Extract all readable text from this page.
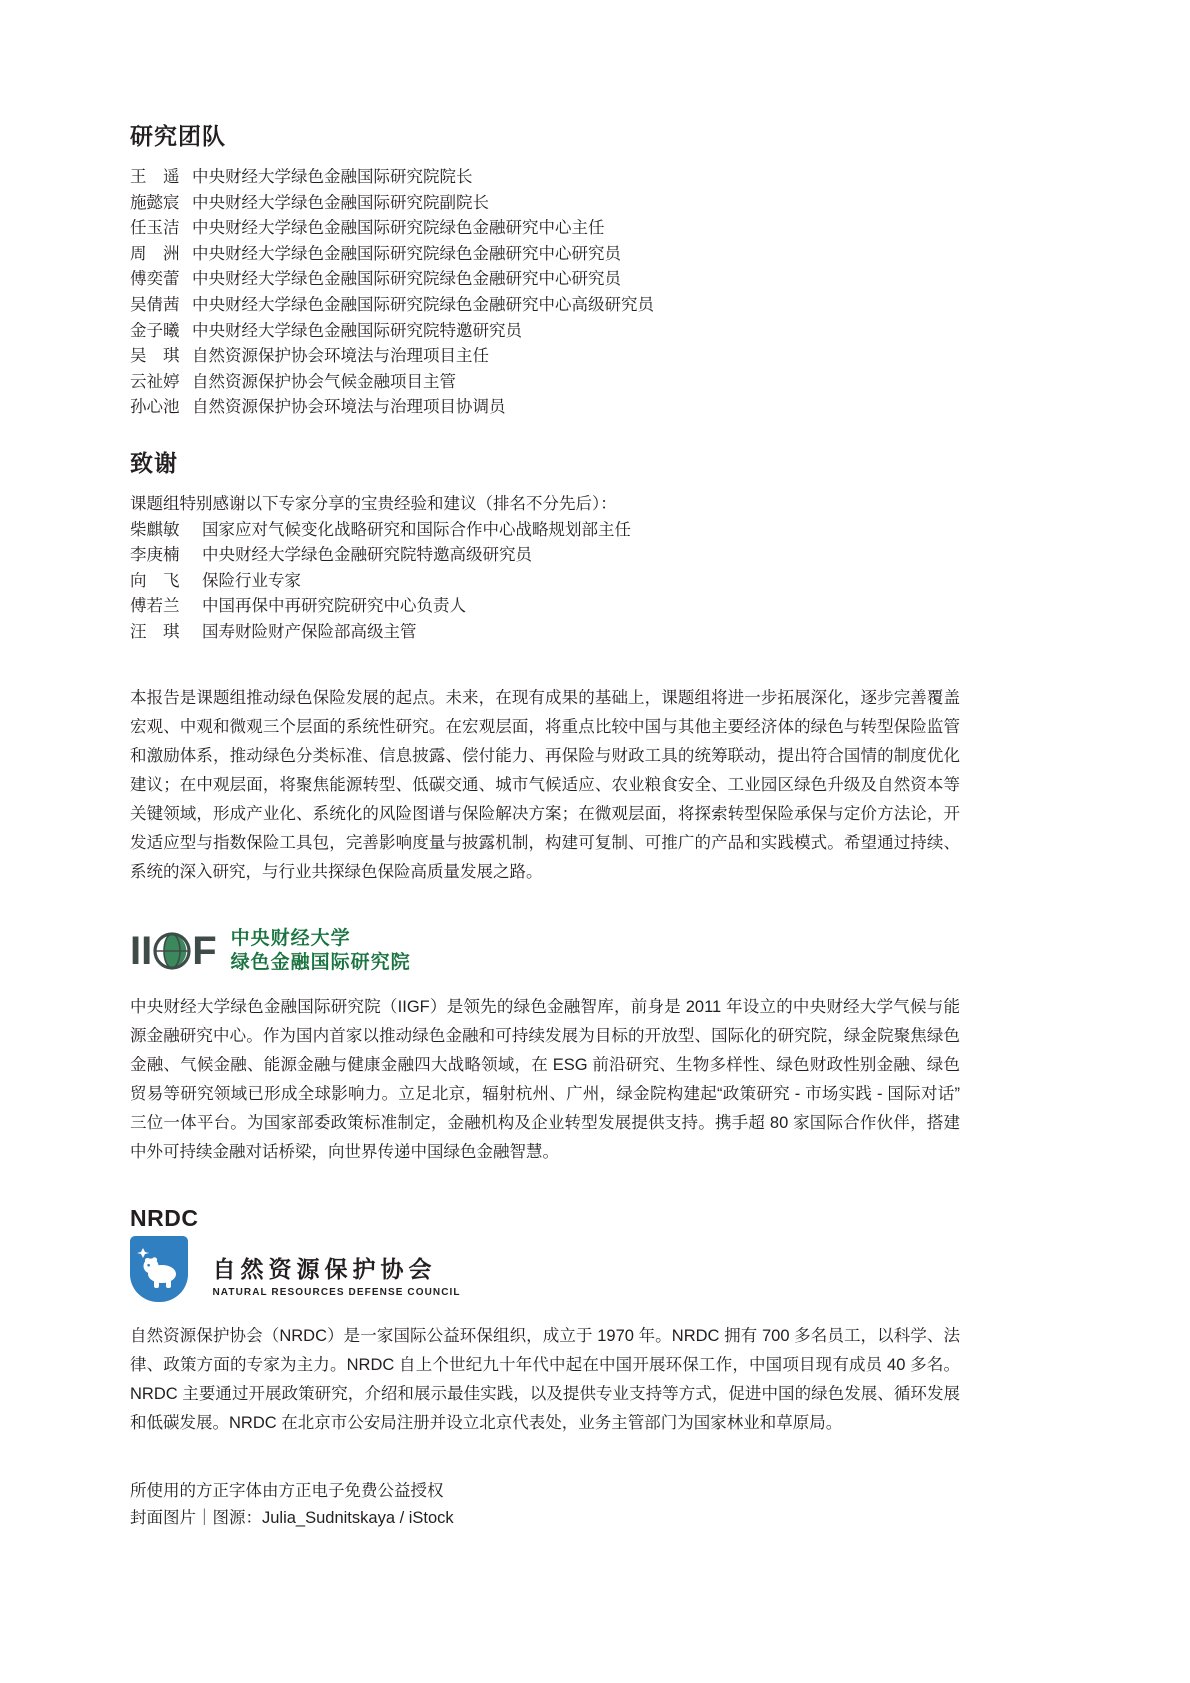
研究团队
王　遥 中央财经大学绿色金融国际研究院院长
施懿宸 中央财经大学绿色金融国际研究院副院长
任玉洁 中央财经大学绿色金融国际研究院绿色金融研究中心主任
周　洲 中央财经大学绿色金融国际研究院绿色金融研究中心研究员
傅奕蕾 中央财经大学绿色金融国际研究院绿色金融研究中心研究员
吴倩茜 中央财经大学绿色金融国际研究院绿色金融研究中心高级研究员
金子曦 中央财经大学绿色金融国际研究院特邀研究员
吴　琪 自然资源保护协会环境法与治理项目主任
云祉婷 自然资源保护协会气候金融项目主管
孙心池 自然资源保护协会环境法与治理项目协调员
致谢

课题组特别感谢以下专家分享的宝贵经验和建议（排名不分先后）：

柴麒敏 国家应对气候变化战略研究和国际合作中心战略规划部主任
李庚楠 中央财经大学绿色金融研究院特邀高级研究员
向　飞 保险行业专家
傅若兰 中国再保中再研究院研究中心负责人
汪　琪 国寿财险财产保险部高级主管

本报告是课题组推动绿色保险发展的起点。未来，在现有成果的基础上，课题组将进一步拓展深化，逐步完善覆盖宏观、中观和微观三个层面的系统性研究。在宏观层面，将重点比较中国与其他主要经济体的绿色与转型保险监管和激励体系，推动绿色分类标准、信息披露、偿付能力、再保险与财政工具的统筹联动，提出符合国情的制度优化建议；在中观层面，将聚焦能源转型、低碳交通、城市气候适应、农业粮食安全、工业园区绿色升级及自然资本等关键领域，形成产业化、系统化的风险图谱与保险解决方案；在微观层面，将探索转型保险承保与定价方法论，开发适应型与指数保险工具包，完善影响度量与披露机制，构建可复制、可推广的产品和实践模式。希望通过持续、系统的深入研究，与行业共探绿色保险高质量发展之路。

II F 中央财经大学
绿色金融国际研究院

中央财经大学绿色金融国际研究院（IIGF）是领先的绿色金融智库，前身是 2011 年设立的中央财经大学气候与能源金融研究中心。作为国内首家以推动绿色金融和可持续发展为目标的开放型、国际化的研究院，绿金院聚焦绿色金融、气候金融、能源金融与健康金融四大战略领域，在 ESG 前沿研究、生物多样性、绿色财政性别金融、绿色贸易等研究领域已形成全球影响力。立足北京，辐射杭州、广州，绿金院构建起“政策研究 - 市场实践 - 国际对话”三位一体平台。为国家部委政策标准制定，金融机构及企业转型发展提供支持。携手超 80 家国际合作伙伴，搭建中外可持续金融对话桥梁，向世界传递中国绿色金融智慧。

NRDC
自然资源保护协会
NATURAL RESOURCES DEFENSE COUNCIL

自然资源保护协会（NRDC）是一家国际公益环保组织，成立于 1970 年。NRDC 拥有 700 多名员工，以科学、法律、政策方面的专家为主力。NRDC 自上个世纪九十年代中起在中国开展环保工作，中国项目现有成员 40 多名。NRDC 主要通过开展政策研究，介绍和展示最佳实践，以及提供专业支持等方式，促进中国的绿色发展、循环发展和低碳发展。NRDC 在北京市公安局注册并设立北京代表处，业务主管部门为国家林业和草原局。

所使用的方正字体由方正电子免费公益授权

封面图片｜图源：Julia_Sudnitskaya / iStock
